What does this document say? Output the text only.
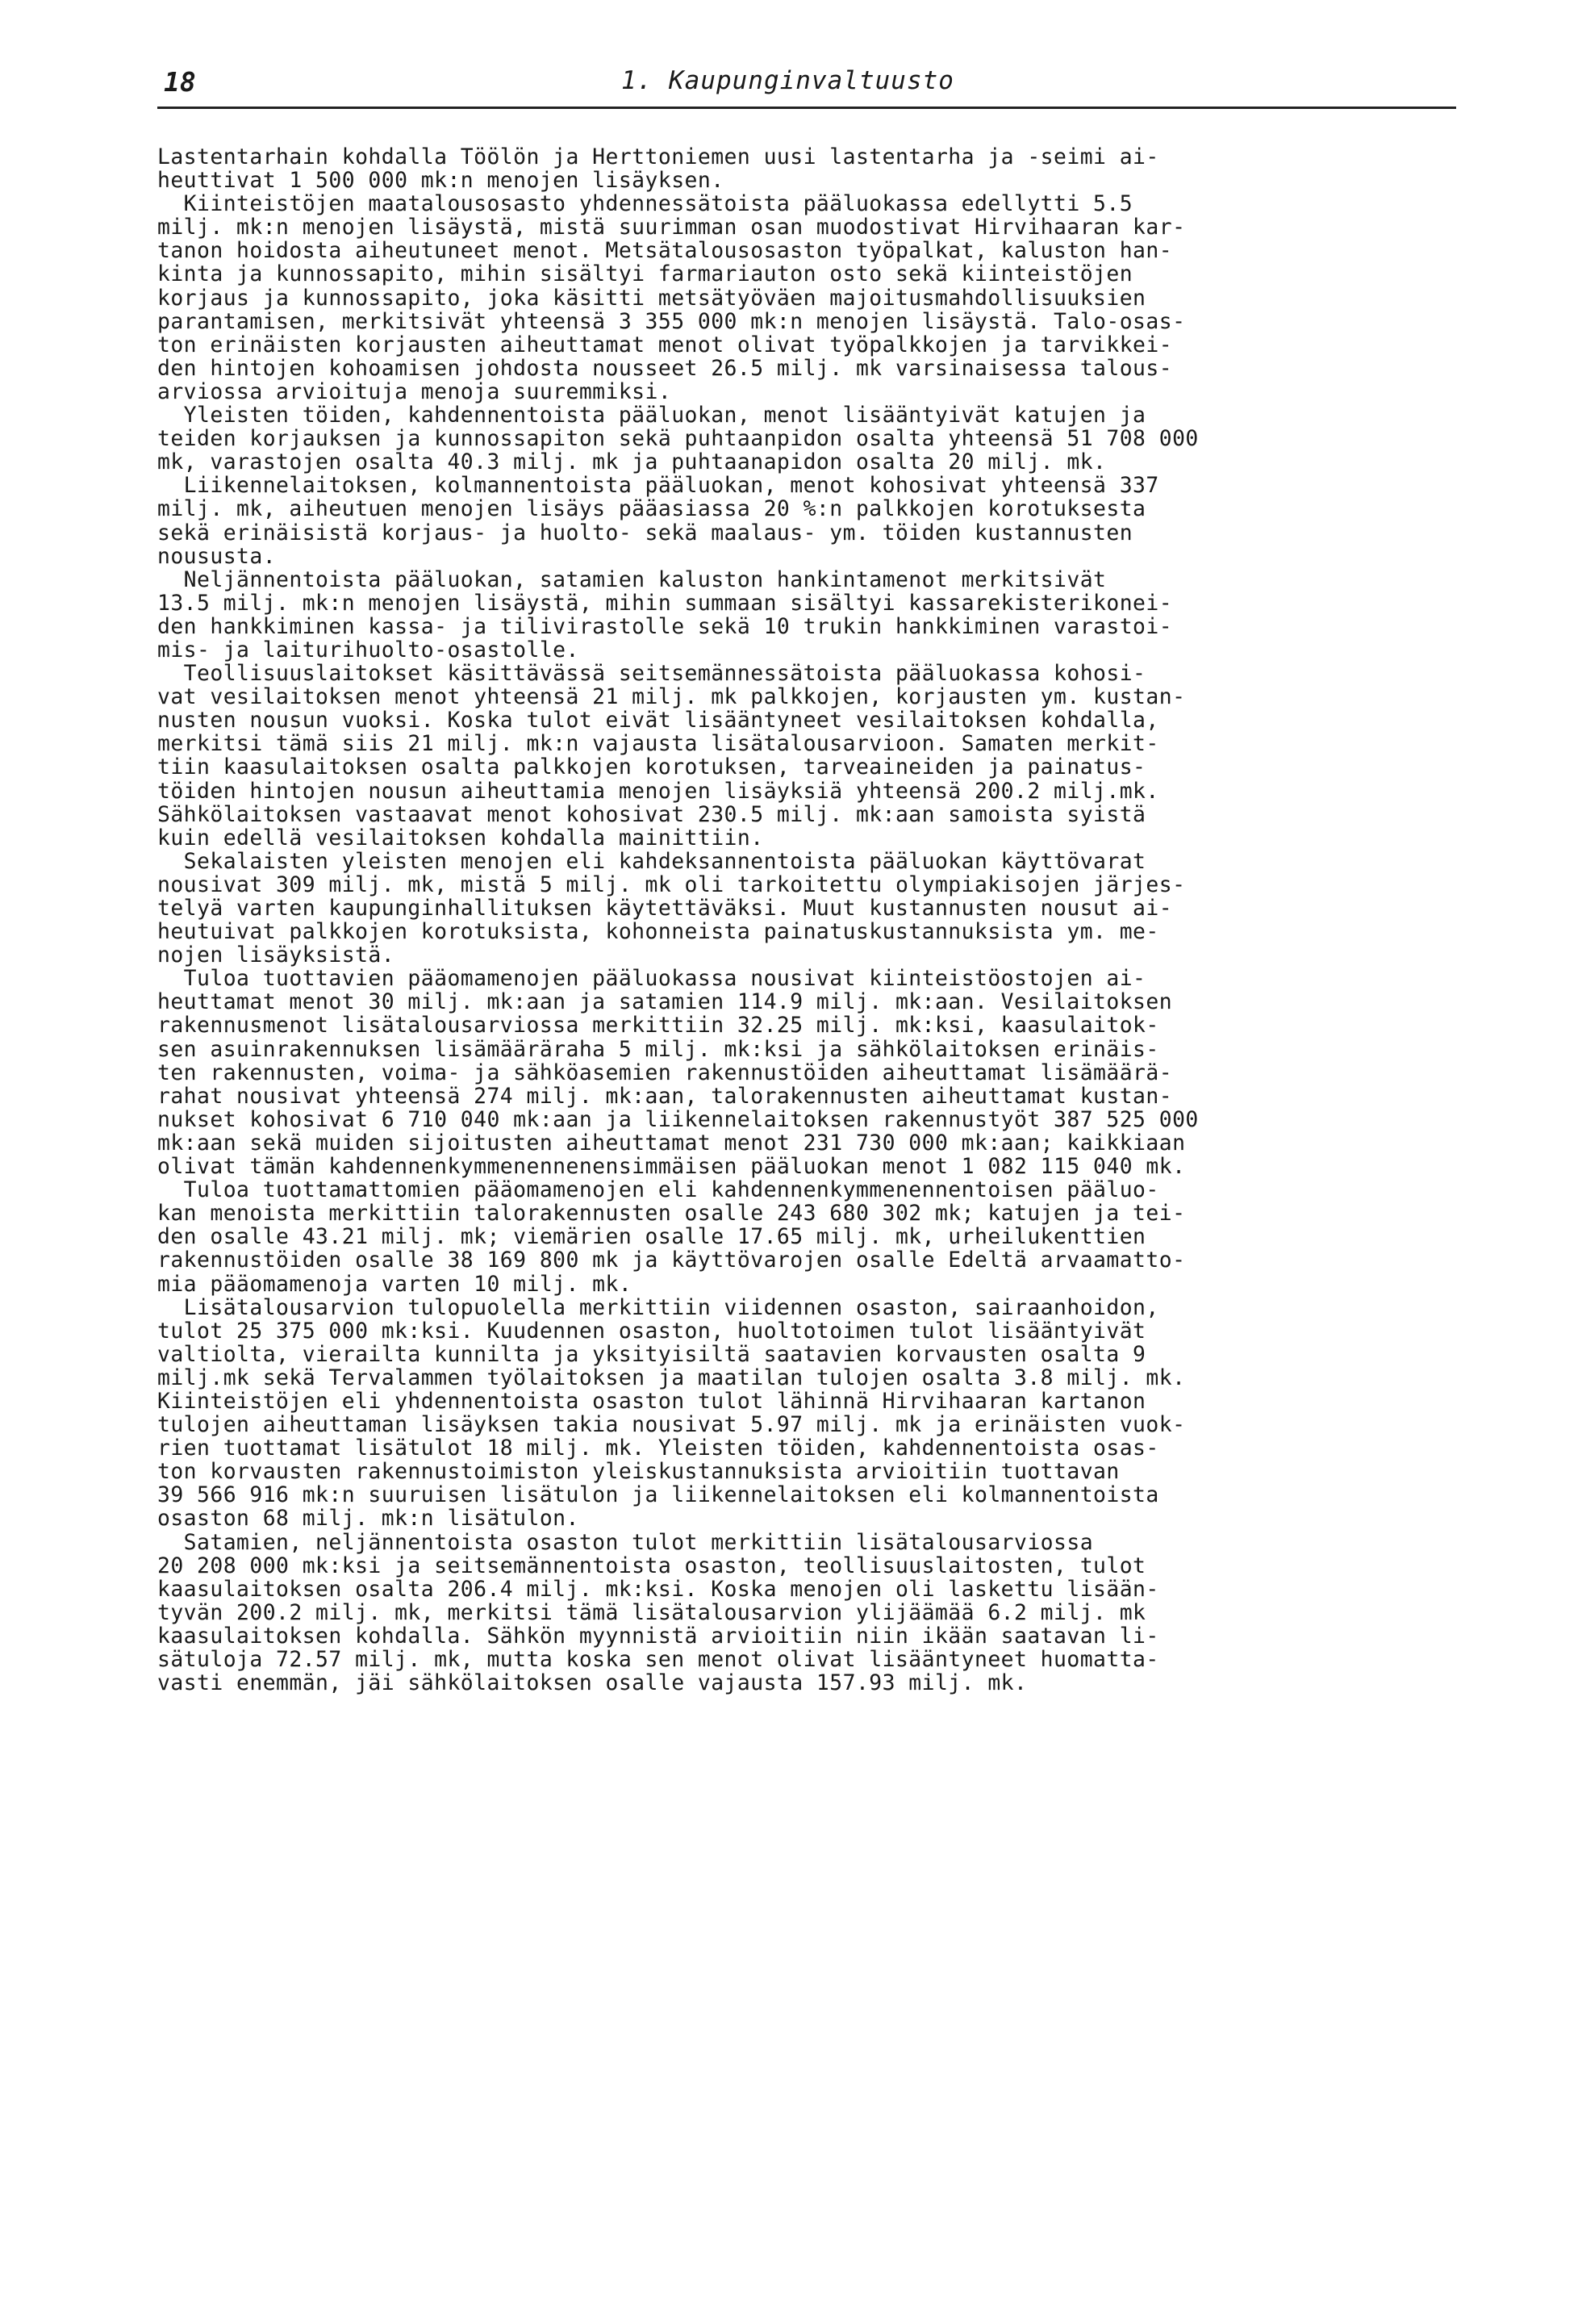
18	1. Kaupunginvaltuusto
Lastentarhain kohdalla Töölön ja Herttoniemen uusi lastentarha ja -seimi ai-
heuttivat 1 500 000 mk:n menojen lisäyksen.
Kiinteistöjen maatalousosasto yhdennessätoista pääluokassa edellytti 5.5
milj. mk:n menojen lisäystä, mistä suurimman osan muodostivat Hirvihaaran kar-
tanon hoidosta aiheutuneet menot. Metsätalousosaston työpalkat, kaluston han-
kinta ja kunnossapito, mihin sisältyi farmariauton osto sekä kiinteistöjen
korjaus ja kunnossapito, joka käsitti metsätyöväen majoitusmahdollisuuksien
parantamisen, merkitsivät yhteensä 3 355 000 mk:n menojen lisäystä. Talo-osas-
ton erinäisten korjausten aiheuttamat menot olivat työpalkkojen ja tarvikkei-
den hintojen kohoamisen johdosta nousseet 26.5 milj. mk varsinaisessa talous-
arviossa arvioituja menoja suuremmiksi.
Yleisten töiden, kahdennentoista pääluokan, menot lisääntyivät katujen ja
teiden korjauksen ja kunnossapiton sekä puhtaanpidon osalta yhteensä 51 708 000
mk, varastojen osalta 40.3 milj. mk ja puhtaanapidon osalta 20 milj. mk.
Liikennelaitoksen, kolmannentoista pääluokan, menot kohosivat yhteensä 337
milj. mk, aiheutuen menojen lisäys pääasiassa 20 %:n palkkojen korotuksesta
sekä erinäisistä korjaus- ja huolto- sekä maalaus- ym. töiden kustannusten
noususta.
Neljännentoista pääluokan, satamien kaluston hankintamenot merkitsivät
13.5 milj. mk:n menojen lisäystä, mihin summaan sisältyi kassarekisterikonei-
den hankkiminen kassa- ja tilivirastolle sekä 10 trukin hankkiminen varastoi-
mis- ja laiturihuolto-osastolle.
Teollisuuslaitokset käsittävässä seitsemännessätoista pääluokassa kohosi-
vat vesilaitoksen menot yhteensä 21 milj. mk palkkojen, korjausten ym. kustan-
nusten nousun vuoksi. Koska tulot eivät lisääntyneet vesilaitoksen kohdalla,
merkitsi tämä siis 21 milj. mk:n vajausta lisätalousarvioon. Samaten merkit-
tiin kaasulaitoksen osalta palkkojen korotuksen, tarveaineiden ja painatus-
töiden hintojen nousun aiheuttamia menojen lisäyksiä yhteensä 200.2 milj.mk.
Sähkölaitoksen vastaavat menot kohosivat 230.5 milj. mk:aan samoista syistä
kuin edellä vesilaitoksen kohdalla mainittiin.
Sekalaisten yleisten menojen eli kahdeksannentoista pääluokan käyttövarat
nousivat 309 milj. mk, mistä 5 milj. mk oli tarkoitettu olympiakisojen järjes-
telyä varten kaupunginhallituksen käytettäväksi. Muut kustannusten nousut ai-
heutuivat palkkojen korotuksista, kohonneista painatuskustannuksista ym. me-
nojen lisäyksistä.
Tuloa tuottavien pääomamenojen pääluokassa nousivat kiinteistöostojen ai-
heuttamat menot 30 milj. mk:aan ja satamien 114.9 milj. mk:aan. Vesilaitoksen
rakennusmenot lisätalousarviossa merkittiin 32.25 milj. mk:ksi, kaasulaitok-
sen asuinrakennuksen lisämääräraha 5 milj. mk:ksi ja sähkölaitoksen erinäis-
ten rakennusten, voima- ja sähköasemien rakennustöiden aiheuttamat lisämäärä-
rahat nousivat yhteensä 274 milj. mk:aan, talorakennusten aiheuttamat kustan-
nukset kohosivat 6 710 040 mk:aan ja liikennelaitoksen rakennustyöt 387 525 000
mk:aan sekä muiden sijoitusten aiheuttamat menot 231 730 000 mk:aan; kaikkiaan
olivat tämän kahdennenkymmenennenensimmäisen pääluokan menot 1 082 115 040 mk.
Tuloa tuottamattomien pääomamenojen eli kahdennenkymmenennentoisen pääluo-
kan menoista merkittiin talorakennusten osalle 243 680 302 mk; katujen ja tei-
den osalle 43.21 milj. mk; viemärien osalle 17.65 milj. mk, urheilukenttien
rakennustöiden osalle 38 169 800 mk ja käyttövarojen osalle Edeltä arvaamatto-
mia pääomamenoja varten 10 milj. mk.
Lisätalousarvion tulopuolella merkittiin viidennen osaston, sairaanhoidon,
tulot 25 375 000 mk:ksi. Kuudennen osaston, huoltotoimen tulot lisääntyivät
valtiolta, vierailta kunnilta ja yksityisiltä saatavien korvausten osalta 9
milj.mk sekä Tervalammen työlaitoksen ja maatilan tulojen osalta 3.8 milj. mk.
Kiinteistöjen eli yhdennentoista osaston tulot lähinnä Hirvihaaran kartanon
tulojen aiheuttaman lisäyksen takia nousivat 5.97 milj. mk ja erinäisten vuok-
rien tuottamat lisätulot 18 milj. mk. Yleisten töiden, kahdennentoista osas-
ton korvausten rakennustoimiston yleiskustannuksista arvioitiin tuottavan
39 566 916 mk:n suuruisen lisätulon ja liikennelaitoksen eli kolmannentoista
osaston 68 milj. mk:n lisätulon.
Satamien, neljännentoista osaston tulot merkittiin lisätalousarviossa
20 208 000 mk:ksi ja seitsemännentoista osaston, teollisuuslaitosten, tulot
kaasulaitoksen osalta 206.4 milj. mk:ksi. Koska menojen oli laskettu lisään-
tyvän 200.2 milj. mk, merkitsi tämä lisätalousarvion ylijäämää 6.2 milj. mk
kaasulaitoksen kohdalla. Sähkön myynnistä arvioitiin niin ikään saatavan li-
sätuloja 72.57 milj. mk, mutta koska sen menot olivat lisääntyneet huomatta-
vasti enemmän, jäi sähkölaitoksen osalle vajausta 157.93 milj. mk.
